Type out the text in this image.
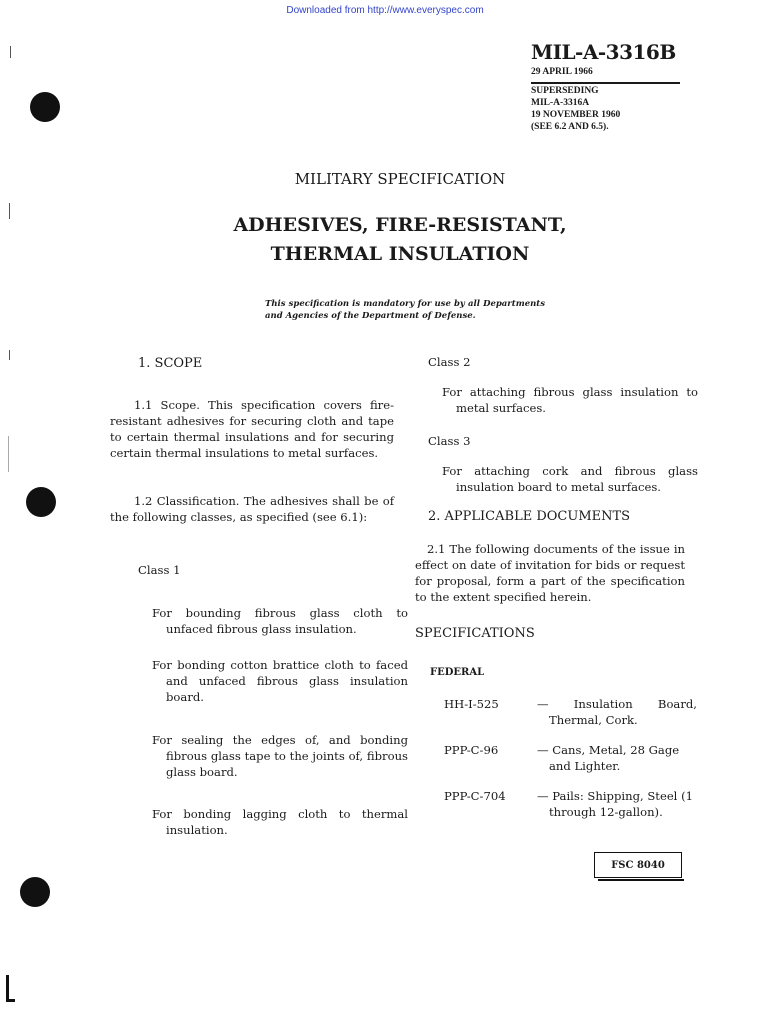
Downloaded from http://www.everyspec.com
MIL-A-3316B
29 APRIL 1966
SUPERSEDING
MIL-A-3316A
19 NOVEMBER 1960
(SEE 6.2 AND 6.5).
MILITARY SPECIFICATION
ADHESIVES, FIRE-RESISTANT,
THERMAL INSULATION
This specification is mandatory for use by all Departments and Agencies of the Department of Defense.
1. SCOPE
1.1 Scope. This specification covers fire-resistant adhesives for securing cloth and tape to certain thermal insulations and for securing certain thermal insulations to metal surfaces.
1.2 Classification. The adhesives shall be of the following classes, as specified (see 6.1):
Class 1
For bounding fibrous glass cloth to unfaced fibrous glass insulation.
For bonding cotton brattice cloth to faced and unfaced fibrous glass insulation board.
For sealing the edges of, and bonding fibrous glass tape to the joints of, fibrous glass board.
For bonding lagging cloth to thermal insulation.
Class 2
For attaching fibrous glass insulation to metal surfaces.
Class 3
For attaching cork and fibrous glass insulation board to metal surfaces.
2. APPLICABLE DOCUMENTS
2.1 The following documents of the issue in effect on date of invitation for bids or request for proposal, form a part of the specification to the extent specified herein.
SPECIFICATIONS
FEDERAL
HH-I-525	— Insulation Board, Thermal, Cork.
PPP-C-96	— Cans, Metal, 28 Gage and Lighter.
PPP-C-704	— Pails: Shipping, Steel (1 through 12-gallon).
FSC 8040
